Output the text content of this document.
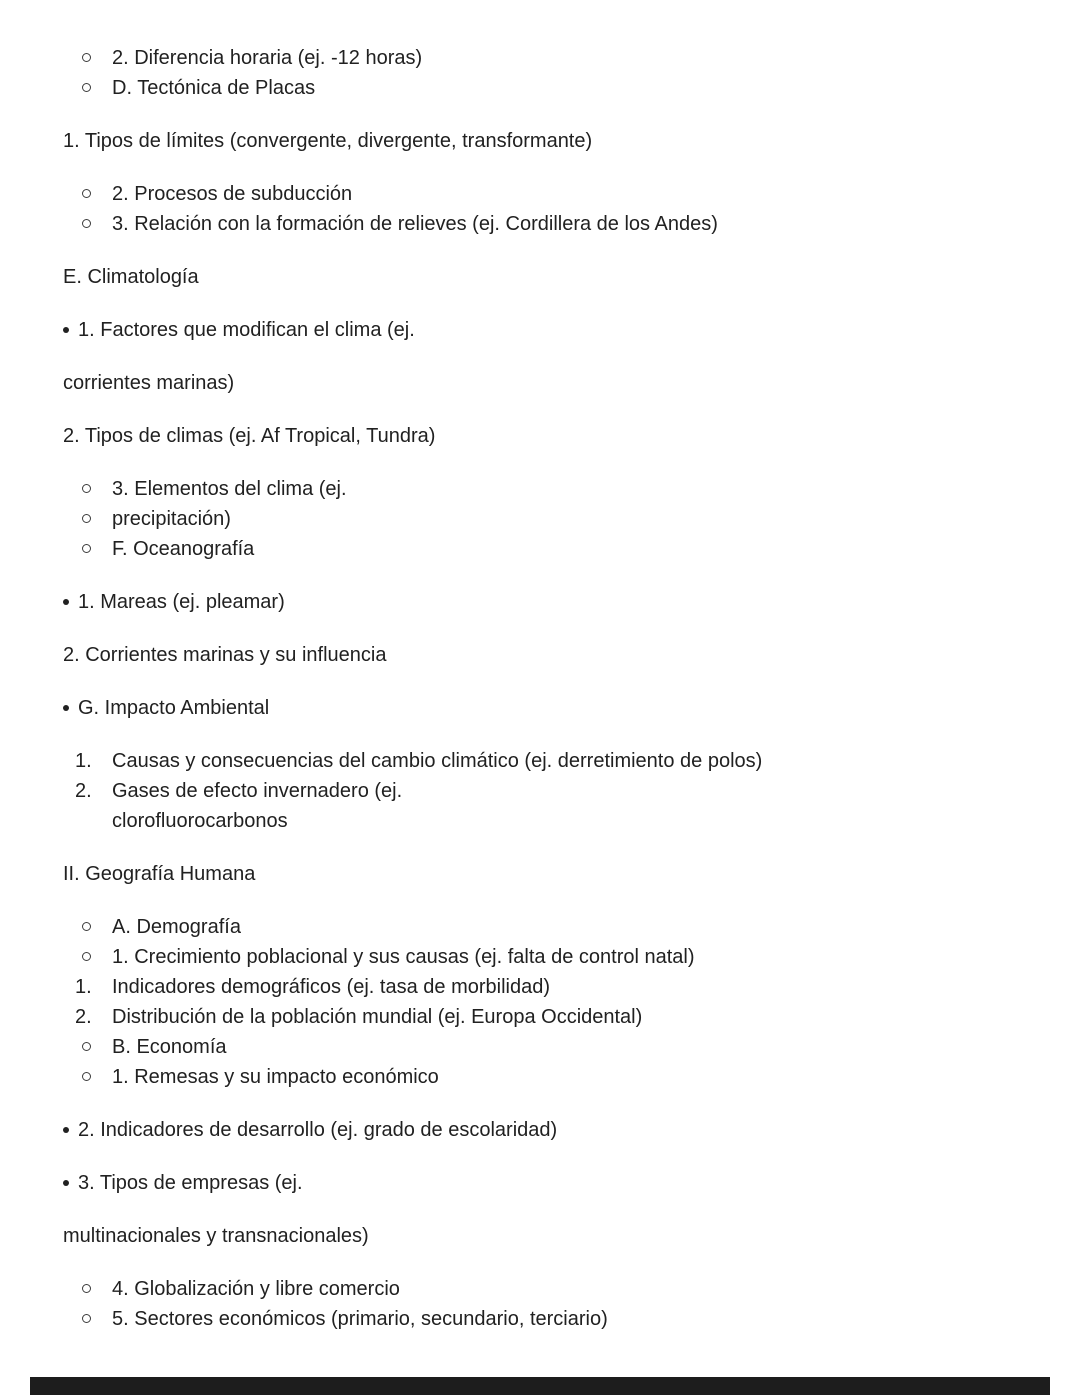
2. Diferencia horaria (ej. -12 horas)
D. Tectónica de Placas
1. Tipos de límites (convergente, divergente, transformante)
2. Procesos de subducción
3. Relación con la formación de relieves (ej. Cordillera de los Andes)
E. Climatología
1. Factores que modifican el clima (ej.
corrientes marinas)
2. Tipos de climas (ej. Af Tropical, Tundra)
3. Elementos del clima (ej.
precipitación)
F. Oceanografía
1. Mareas (ej. pleamar)
2. Corrientes marinas y su influencia
G. Impacto Ambiental
1.	Causas y consecuencias del cambio climático (ej. derretimiento de polos)
2.	Gases de efecto invernadero (ej.
clorofluorocarbonos
II. Geografía Humana
A. Demografía
1. Crecimiento poblacional y sus causas (ej. falta de control natal)
1.	Indicadores demográficos (ej. tasa de morbilidad)
2.	Distribución de la población mundial (ej. Europa Occidental)
B. Economía
1. Remesas y su impacto económico
2. Indicadores de desarrollo (ej. grado de escolaridad)
3. Tipos de empresas (ej.
multinacionales y transnacionales)
4. Globalización y libre comercio
5. Sectores económicos (primario, secundario, terciario)
